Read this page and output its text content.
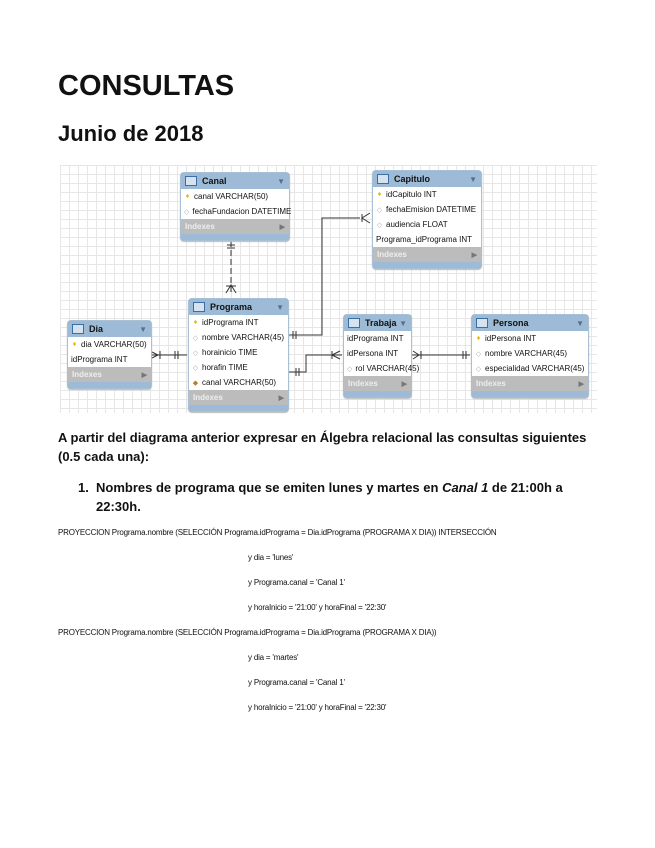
CONSULTAS
Junio de 2018
Canal	▼
♦ canal VARCHAR(50)
◇ fechaFundacion DATETIME
Indexes	▶
Capitulo	▼
♦ idCapitulo INT
◇ fechaEmision DATETIME
◇ audiencia FLOAT
Programa_idPrograma INT
Indexes	▶
Programa	▼
♦ idPrograma INT
◇ nombre VARCHAR(45)
◇ horainicio TIME
◇ horafin TIME
◆ canal VARCHAR(50)
Indexes	▶
Dia	▼
♦ dia VARCHAR(50)
idPrograma INT
Indexes	▶
Trabaja ▼
idPrograma INT
idPersona INT
◇ rol VARCHAR(45)
Indexes	▶
Persona	▼
♦ idPersona INT
◇ nombre VARCHAR(45)
◇ especialidad VARCHAR(45)
Indexes	▶
A partir del diagrama anterior expresar en Álgebra relacional las consultas siguientes (0.5 cada una):
1. Nombres de programa que se emiten lunes y martes en Canal 1 de 21:00h a 22:30h.
PROYECCION Programa.nombre (SELECCIÓN Programa.idPrograma = Dia.idPrograma (PROGRAMA X DIA)) INTERSECCIÓN
y dia = 'lunes'
y Programa.canal = 'Canal 1'
y horaInicio = '21:00' y horaFinal = '22:30'
PROYECCION Programa.nombre (SELECCIÓN Programa.idPrograma = Dia.idPrograma (PROGRAMA X DIA))
y dia = 'martes'
y Programa.canal = 'Canal 1'
y horaInicio = '21:00' y horaFinal = '22:30'
